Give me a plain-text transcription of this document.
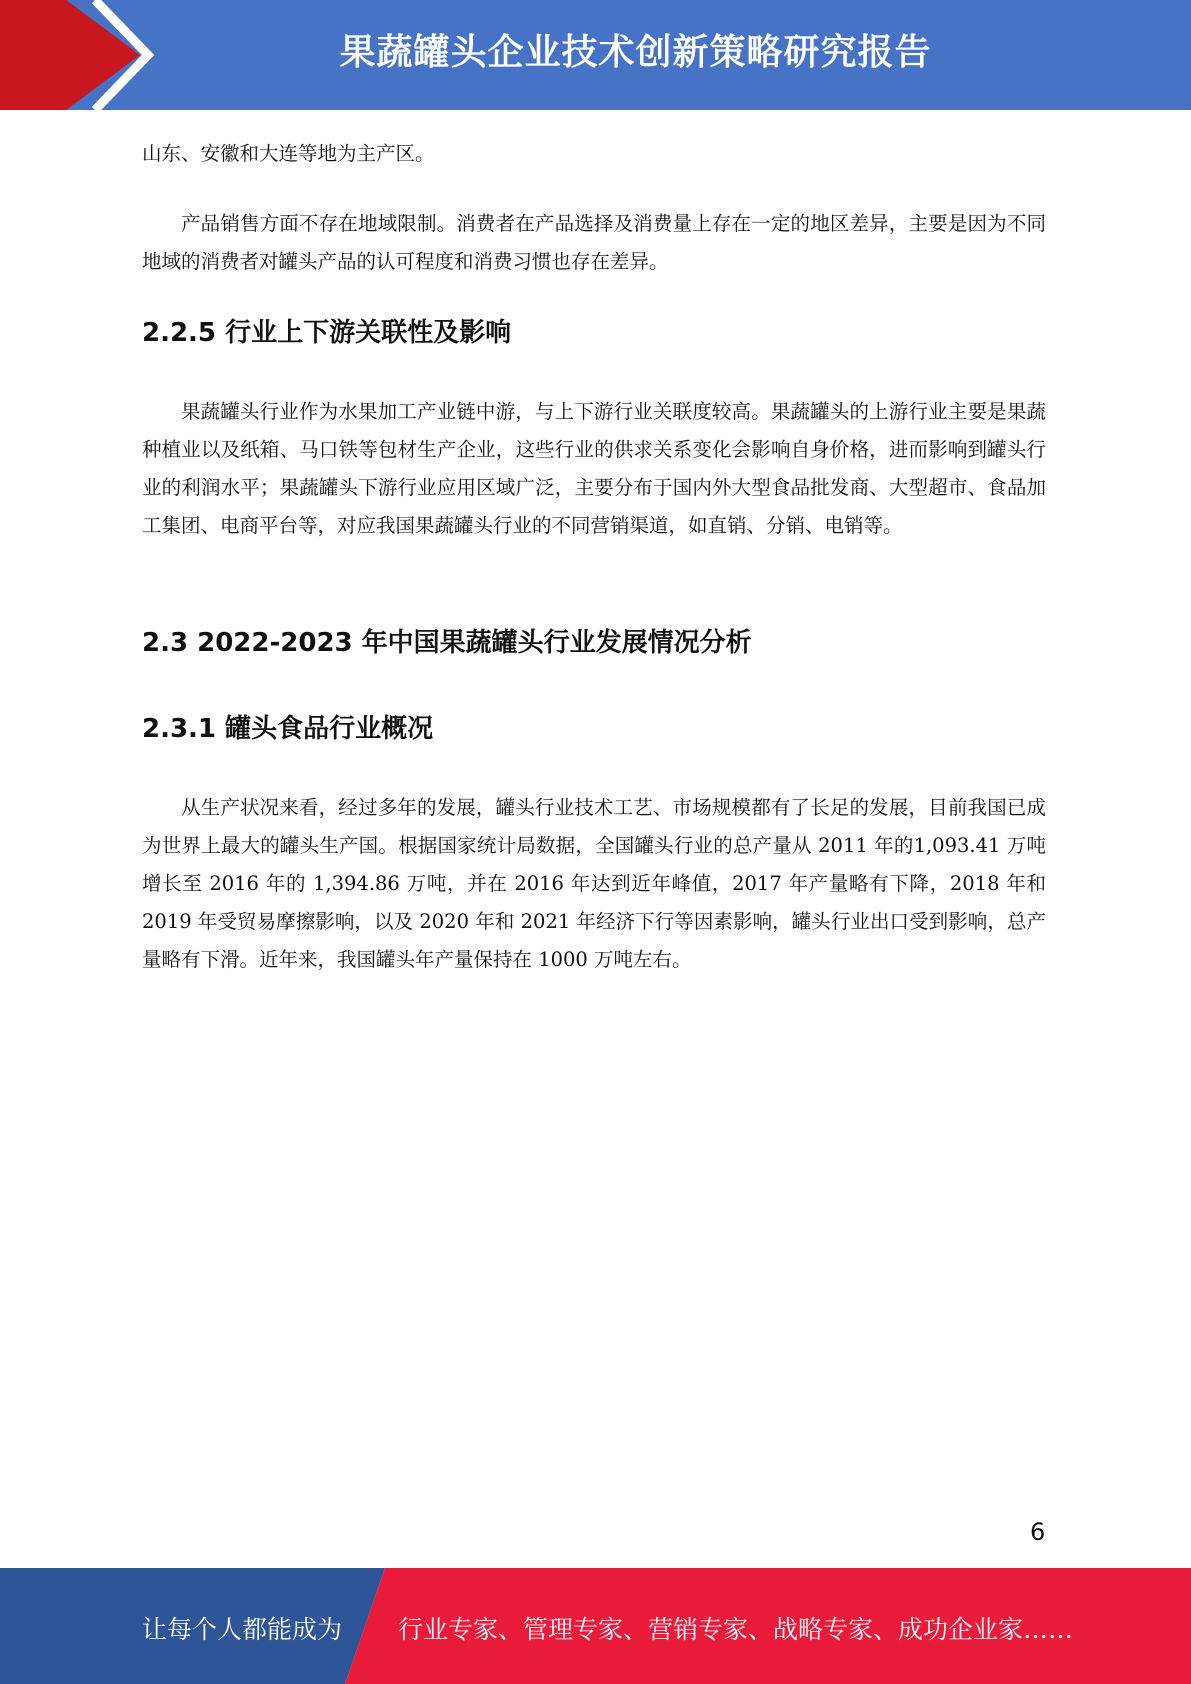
果蔬罐头企业技术创新策略研究报告

山东、安徽和大连等地为主产区。

产品销售方面不存在地域限制。消费者在产品选择及消费量上存在一定的地区差异，主要是因为不同地域的消费者对罐头产品的认可程度和消费习惯也存在差异。

2.2.5 行业上下游关联性及影响

果蔬罐头行业作为水果加工产业链中游，与上下游行业关联度较高。果蔬罐头的上游行业主要是果蔬种植业以及纸箱、马口铁等包材生产企业，这些行业的供求关系变化会影响自身价格，进而影响到罐头行业的利润水平；果蔬罐头下游行业应用区域广泛，主要分布于国内外大型食品批发商、大型超市、食品加工集团、电商平台等，对应我国果蔬罐头行业的不同营销渠道，如直销、分销、电销等。

2.3 2022-2023 年中国果蔬罐头行业发展情况分析
2.3.1 罐头食品行业概况

从生产状况来看，经过多年的发展，罐头行业技术工艺、市场规模都有了长足的发展，目前我国已成为世界上最大的罐头生产国。根据国家统计局数据，全国罐头行业的总产量从 2011 年的1,093.41 万吨增长至 2016 年的 1,394.86 万吨，并在 2016 年达到近年峰值，2017 年产量略有下降，2018 年和 2019 年受贸易摩擦影响，以及 2020 年和 2021 年经济下行等因素影响，罐头行业出口受到影响，总产量略有下滑。近年来，我国罐头年产量保持在 1000 万吨左右。

6
让每个人都能成为 行业专家、管理专家、营销专家、战略专家、成功企业家……
